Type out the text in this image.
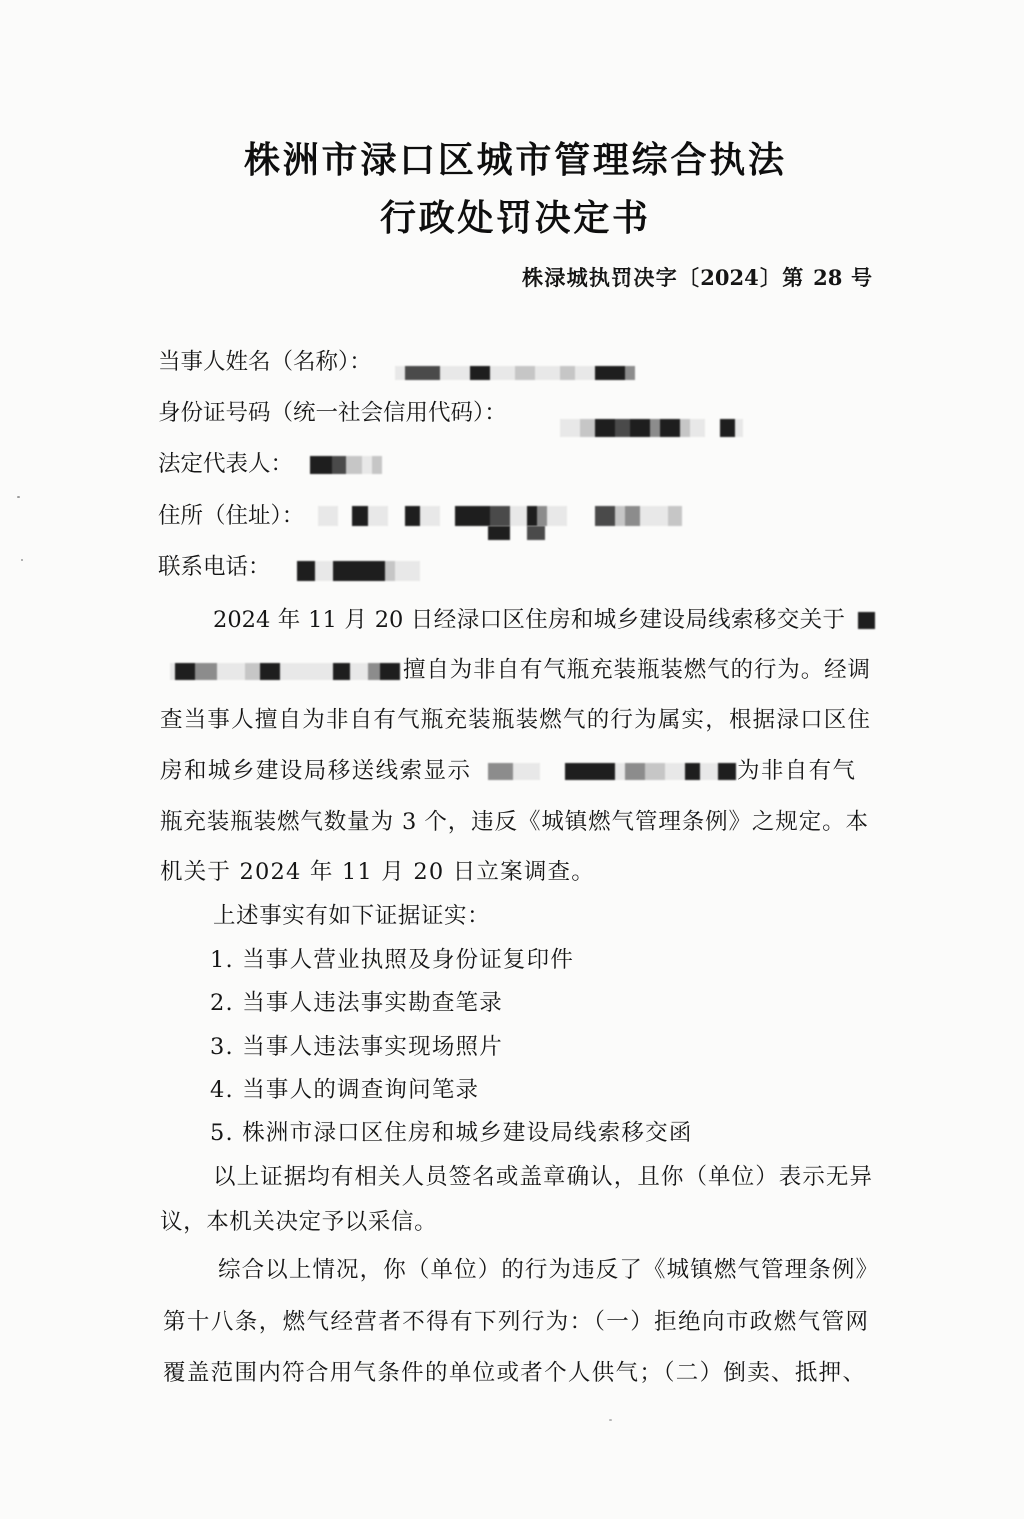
株洲市渌口区城市管理综合执法
行政处罚决定书
株渌城执罚决字〔2024〕第 28 号
当事人姓名（名称）：
身份证号码（统一社会信用代码）：
法定代表人：
住所（住址）：
联系电话：
2024 年 11 月 20 日经渌口区住房和城乡建设局线索移交关于
擅自为非自有气瓶充装瓶装燃气的行为。经调
查当事人擅自为非自有气瓶充装瓶装燃气的行为属实，根据渌口区住
房和城乡建设局移送线索显示	为非自有气
瓶充装瓶装燃气数量为 3 个，违反《城镇燃气管理条例》之规定。本
机关于 2024 年 11 月 20 日立案调查。
上述事实有如下证据证实：
1. 当事人营业执照及身份证复印件
2. 当事人违法事实勘查笔录
3. 当事人违法事实现场照片
4. 当事人的调查询问笔录
5. 株洲市渌口区住房和城乡建设局线索移交函
以上证据均有相关人员签名或盖章确认，且你（单位）表示无异
议，本机关决定予以采信。
综合以上情况，你（单位）的行为违反了《城镇燃气管理条例》
第十八条，燃气经营者不得有下列行为：（一）拒绝向市政燃气管网
覆盖范围内符合用气条件的单位或者个人供气；（二）倒卖、抵押、
